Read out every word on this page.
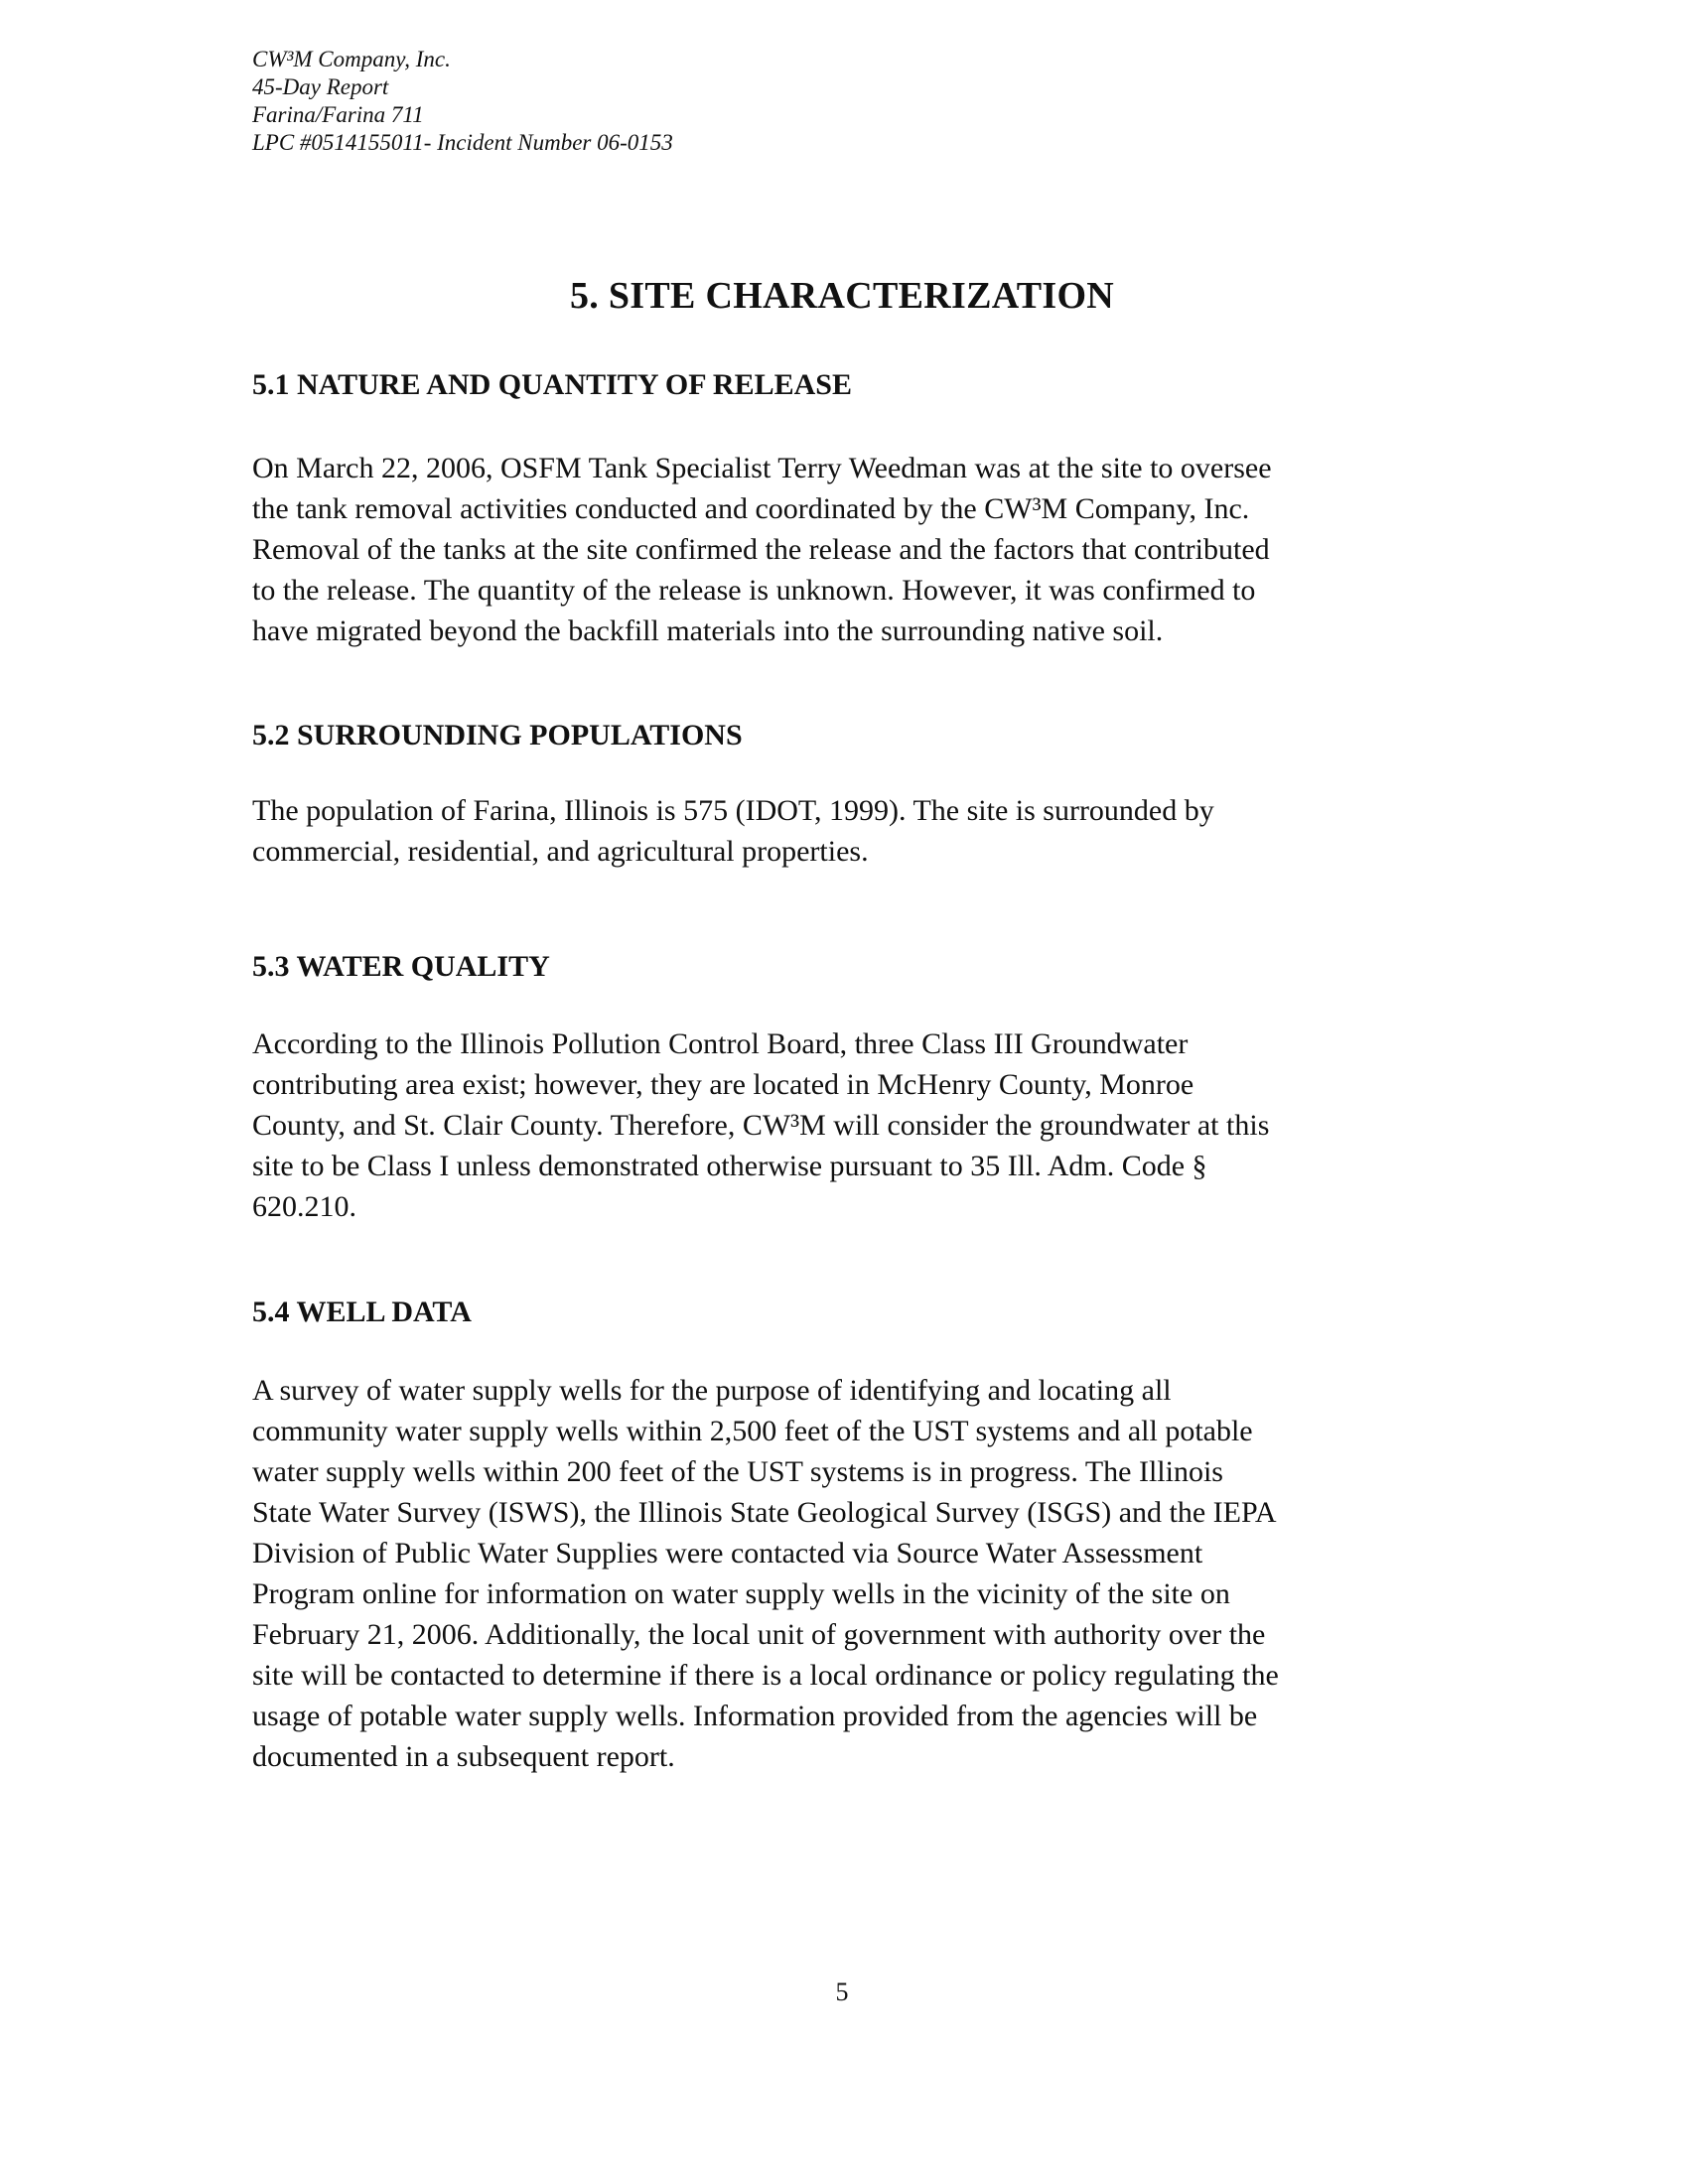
CW³M Company, Inc.
45-Day Report
Farina/Farina 711
LPC #0514155011- Incident Number 06-0153
5. SITE CHARACTERIZATION
5.1 NATURE AND QUANTITY OF RELEASE
On March 22, 2006, OSFM Tank Specialist Terry Weedman was at the site to oversee
the tank removal activities conducted and coordinated by the CW³M Company, Inc.
Removal of the tanks at the site confirmed the release and the factors that contributed
to the release. The quantity of the release is unknown. However, it was confirmed to
have migrated beyond the backfill materials into the surrounding native soil.
5.2 SURROUNDING POPULATIONS
The population of Farina, Illinois is 575 (IDOT, 1999). The site is surrounded by
commercial, residential, and agricultural properties.
5.3 WATER QUALITY
According to the Illinois Pollution Control Board, three Class III Groundwater
contributing area exist; however, they are located in McHenry County, Monroe
County, and St. Clair County. Therefore, CW³M will consider the groundwater at this
site to be Class I unless demonstrated otherwise pursuant to 35 Ill. Adm. Code §
620.210.
5.4 WELL DATA
A survey of water supply wells for the purpose of identifying and locating all
community water supply wells within 2,500 feet of the UST systems and all potable
water supply wells within 200 feet of the UST systems is in progress. The Illinois
State Water Survey (ISWS), the Illinois State Geological Survey (ISGS) and the IEPA
Division of Public Water Supplies were contacted via Source Water Assessment
Program online for information on water supply wells in the vicinity of the site on
February 21, 2006. Additionally, the local unit of government with authority over the
site will be contacted to determine if there is a local ordinance or policy regulating the
usage of potable water supply wells. Information provided from the agencies will be
documented in a subsequent report.
5
